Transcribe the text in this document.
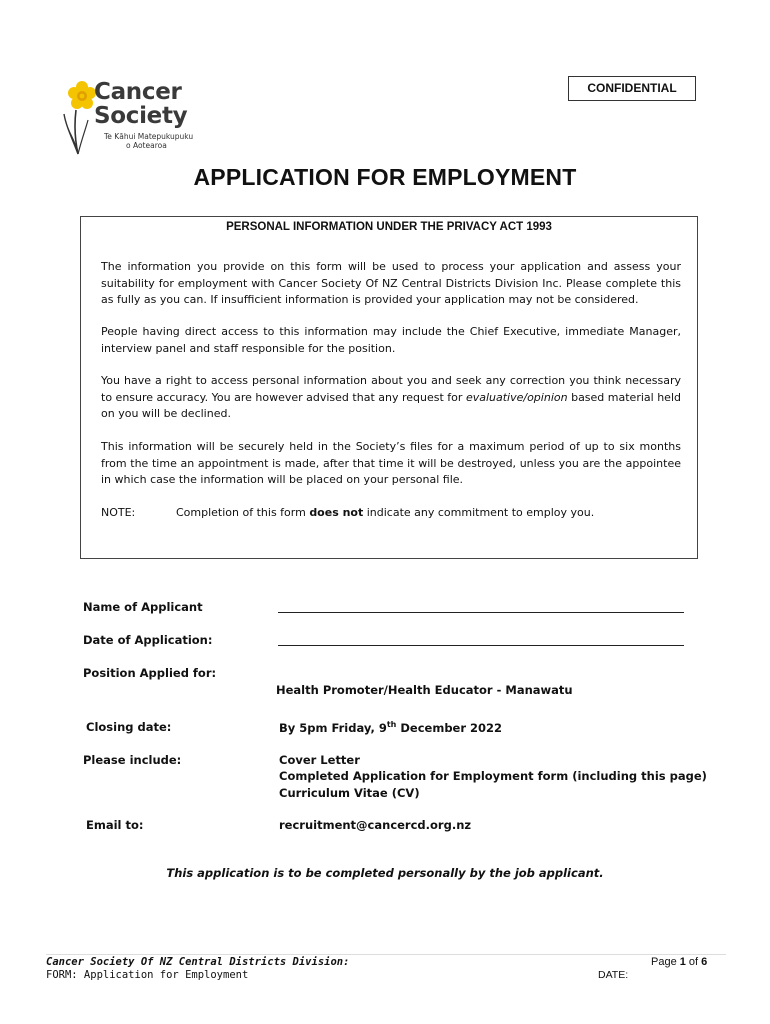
Cancer
Society
Te Kāhui Matepukupuku
o Aotearoa
CONFIDENTIAL
APPLICATION FOR EMPLOYMENT
PERSONAL INFORMATION UNDER THE PRIVACY ACT 1993
The information you provide on this form will be used to process your application and assess your suitability for employment with Cancer Society Of NZ Central Districts Division Inc. Please complete this as fully as you can. If insufficient information is provided your application may not be considered.
People having direct access to this information may include the Chief Executive, immediate Manager, interview panel and staff responsible for the position.
You have a right to access personal information about you and seek any correction you think necessary to ensure accuracy. You are however advised that any request for evaluative/opinion based material held on you will be declined.
This information will be securely held in the Society’s files for a maximum period of up to six months from the time an appointment is made, after that time it will be destroyed, unless you are the appointee in which case the information will be placed on your personal file.
NOTE:	Completion of this form does not indicate any commitment to employ you.
Name of Applicant
Date of Application:
Position Applied for:
Health Promoter/Health Educator - Manawatu
Closing date:	By 5pm Friday, 9th December 2022
Please include:	Cover Letter
Completed Application for Employment form (including this page)
Curriculum Vitae (CV)
Email to:	recruitment@cancercd.org.nz
This application is to be completed personally by the job applicant.
Cancer Society Of NZ Central Districts Division:
FORM: Application for Employment
Page 1 of 6
DATE:
